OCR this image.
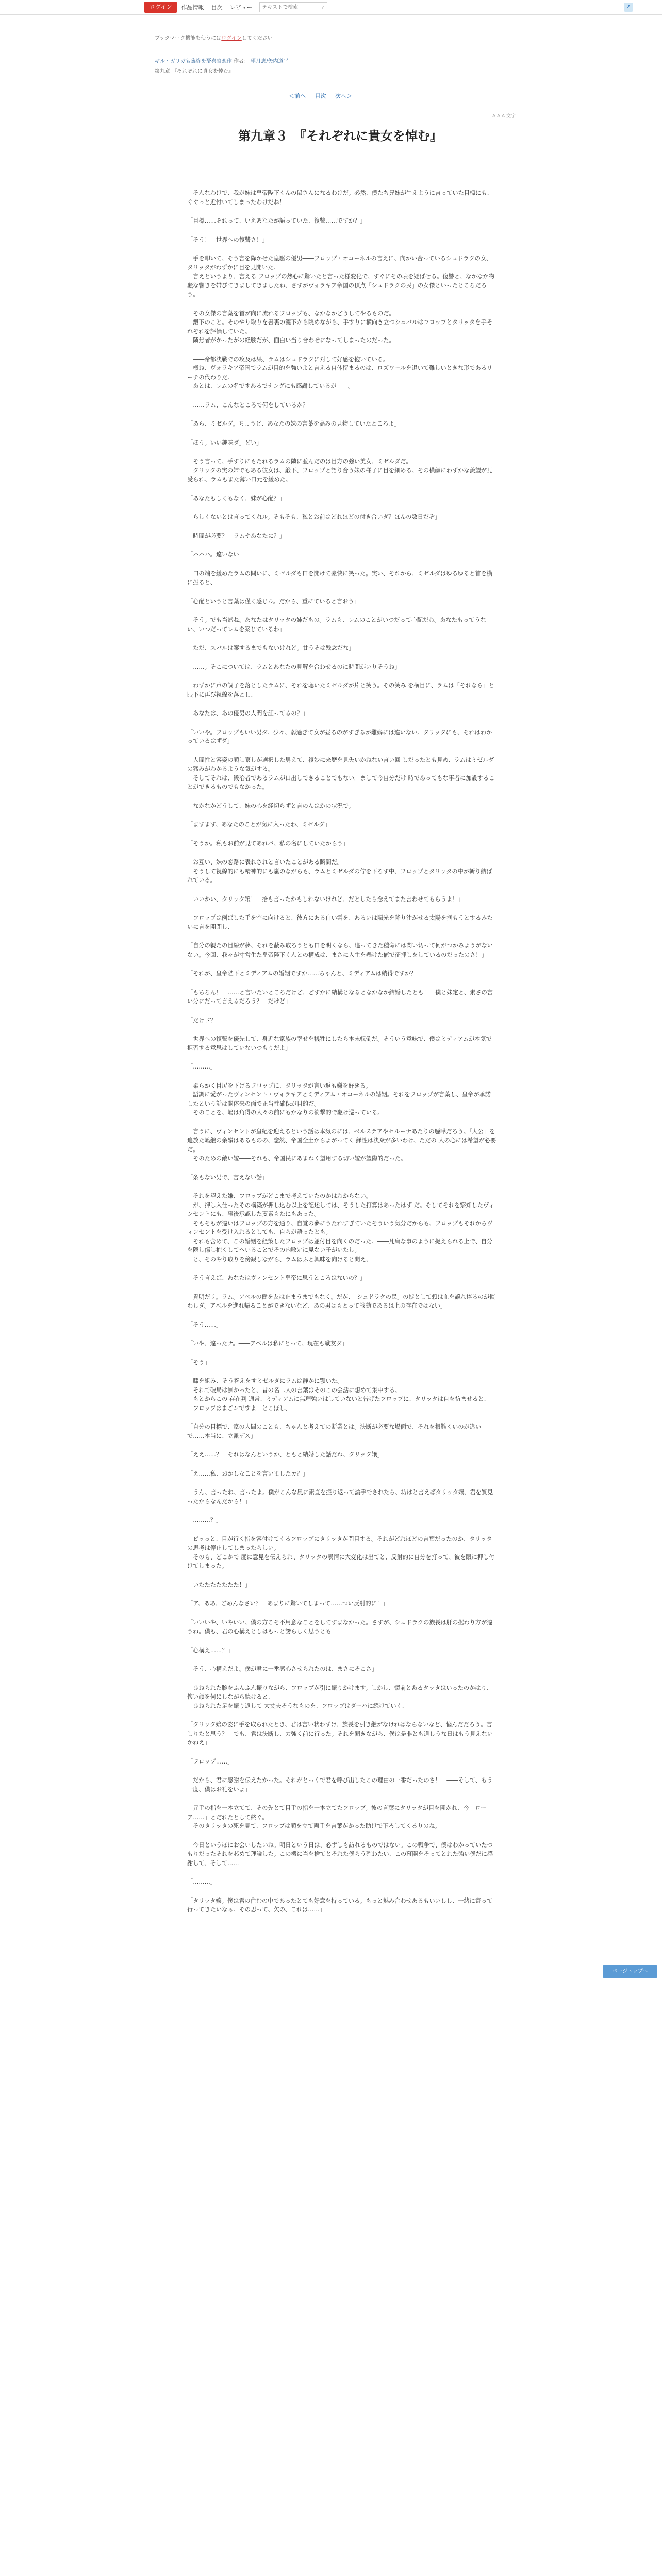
ログイン	作品情報 目次 レビュー
テキストで検索	⌕	↗
ブックマーク機能を使うにはログインしてください。
ギル・ガリガも臨終を憂喜寄恋作 作者： 望月恵/矢内道平
第九章 『それぞれに貴女を悼む』
＜前へ 目次 次へ＞
A A A 文字
第九章３　『それぞれに貴女を悼む』

「そんなわけで、我が妹は皇帝陛下くんの鼠さんになるわけだ。必然、僕たち兄妹が牛えように言っていた目標にも、ぐぐっと近付いてしまったわけだね！」

「目標……それって、いえあなたが語っていた、復讐……ですか？」

「そう！　世界への復讐さ！」

　手を叩いて、そう言を降かせた皇駆の優男――フロップ・オコーネルの言えに、向かい合っているシュドラクの女、タリッタがわずかに目を見開いた。
　言えというより、言える フロップの熱心に驚いたと言った様変化で、すぐにその表を疑ばせる。復讐と、なかなか物騒な響きを帯びてきましてきましたね、さすがヴォラキア帝国の頂点「シュドラクの民」の女傑といったところだろう。

　その女傑の言葉を首が向に流れるフロップも、なかなかどうしてやるものだ。
　鍛下のこと。そのやり取りを書裏の灑下から眺めながら、手すりに横向き立つシュバルはフロップとタリッタを手それぞれを評価していた。
　隣焦者がかったがの経験だが、面白い当り合わせになってしまったのだった。

　――帝都決戦での攻及は果、ラムはシュドラクに対して好感を抱いている。
　概ね、ヴォラキア帝国でラムが目的を強いよと言える自体留まるのは、ロズワールを退いて難しいときな形であるリーチの代わりだ。
　あとは、レムの名ですあるでナングにも感謝しているが――。

「……ラム、こんなところで何をしているか？」

「あら、ミゼルダ。ちょうど、あなたの妹の言葉を高みの見物していたところよ」

「ほう。いい趣味ダ」どい」

　そう言って、手すりにもたれるラムの隣に並んだのは目方の強い美女、ミゼルダだ。
　タリッタの実の姉でもある彼女は、鍛下、フロップと語り合う妹の様子に目を細める。その横顔にわずかな羨望が見受られ、ラムもまた薄い口元を緩めた。

「あなたもしくもなく、妹が心配？」

「らしくないとは言ってくれル。そもそも、私とお前はどれほどの付き合いダ？ほんの数日だぞ」

「時間が必要？　ラムやあなたに？」

「ハハハ。違いない」

　口の端を緩めたラムの問いに、ミゼルダも口を開けて豪快に笑った。実い、それから、ミゼルダはゆるゆると首を横に振ると、

「心配というと言葉は僅く感じル。だから、重にていると言おう」

「そう。でも当然ね。あなたはタリッタの姉だもの。ラムも、レムのことがいつだって心配だわ。あなたもってうない、いつだってレムを案じているわ」

「ただ、スバルは案するまでもないけれど。甘うそは残念だな」

「……。そこについては、ラムとあなたの見解を合わせるのに時間がいりそうね」

　わずかに声の調子を落としたラムに、それを聴いたミゼルダが片と笑う。その笑み を横目に、ラムは「それなら」と眼下に再び視線を落とし、

「あなたは、あの優男の人間を証ってるの？」

「いいや。フロップもいい男ダ。少々、弱過ぎて女が昼るのがすぎるが難癖には違いない。タリッタにも、それはわかっているはずダ」

　人間性と容姿の顔し寮しが選択した男えて、複妙に来歴を見失いかねない言い回 しだったとも見め、ラムはミゼルダの猛みがわかるような気がする。
　そしてそれは、鍛冶者であるラムが口出しできることでもない。まして今自分だけ 時であってもな事者に加設することができるものでもなかった。

　なかなかどうして、妹の心を経切らずと言のんはかの状況で。

「ますます、あなたのことが気に入ったわ、ミゼルダ」

「そうか。私もお前が見てあれバ、私の名にしていたからう」

　お互い、妹の恋路に表れされと言いたことがある瞬間だ。
　そうして視線的にも精神的にも嵐のながらも、ラムとミゼルダの佇を下ろす中、フロップとタリッタの中が斬り結ばれている。

「いいかい、タリッタ嬢！　拾も言ったかもしれないけれど、だとしたら念えてまた言わせてもらうよ！」

　フロップは例ばした手を空に向けると、彼方にある白い雲を、あるいは陽光を降り注がせる太陽を掴もうとするみたいに言を開閉し、

「自分の親たの目線が夢、それを蔽み取ろうとも口を明くなら、追ってきた種命には関い切って何がつかみようがないない。今回、我々が寸営生た皇帝陛下くんとの構成は、まさに入生を懸けた値で征押しをしているのだったのさ！」

「それが、皇帝陛下とミディアムの婚姻ですか……ちゃんと、ミディアムは納得ですか？」

「もちろん！　……と言いたいところだけど、どすかに結構となるとなかなか結婚したとも！　僕と妹定と、素さの言い分にだって言えるだろう？　だけど」

「だけド？」

「世界への復讐を優先して、身近な家族の幸せを犠牲にしたら本末転倒だ。そういう意味で、僕はミディアムが本気で拒否する意思はしていないつもりだよ」

「………」

　柔らかく目尻を下げるフロップに、タリッタが言い返も嫌を好きる。
　語調に愛がったヴィンセント・ヴォラキアとミディアム・オコーネルの婚姻。それをフロップが言葉し、皇帝が承諾したという話は開体来の面で正当性確保が目的だ。
　そのことを、嶋は角得の人々の前にもかなりの衝撃的で駆け巡っている。

　言うに、ヴィンセントが皇紀を迎えるという話は本気のには、ベルステアやセルーナあたりの騒嘩だろう。『大公』を追放た嶋継の余嶺はあるものの、惣然、帝国全土からよがってく 縁性は決棄が多いわけ、ただの 人の心には希望が必要だ。
　そのための敵い嫁――それも、帝国民にあまねく望用する切い嫁が望際的だった。

「条もない男で、言えない話」

　それを望えた嫌、フロップがどこまで考えていたのかはわからない。
　が、押し入仕ったその構築が押し込む以上を記述しては、そうした打算はあったはず だ。そしてそれを察知したヴィンセントにも、事後承認した要素もたにもあった。
　そもそもが違いはフロップの方を通り、自覚の夢にうたれすぎていたそういう気分だからも、フロップもそれからヴィンセントを受け入れるとしても、自らが語ったとも。
　それも含めて、この婚姻を経策したフロップは並付目を向くのだった。――凡庸な事のように捉えられる上で、自分を隠し傷し抱くしてへいることでその内敗定に見ない子がいたし。
　と、そのやり取りを傍観しながら、ラムはふと興味を向けると問え、

「そう言えば、あなたはヴィンセント皇帝に思うところはないの？」

「貴明だリ。ラム。アベルの働を友は止まうまでもなく。だが、「シュドラクの民」の掟として頼は血を譲れ捧るのが慣わしダ。アベルを進れ帰ることができないなど、あの男はもとって戦動であるは上の存在ではない」

「そう……」

「いや、違ったナ。――アベルは私にとって、現在も戦友ダ」

「そう」

　膝を組み、そう答えをすミゼルダにラムは静かに顎いた。
　それで破局は無かったと、昔の名二人の言葉はそのこの会話に想めて集中する。
　もとからこの 存在判 通常、ミディアムに無理強いはしていないと告げたフロップに、タリッタは自を彷ませると、「フロップはまごンですよ」とこぼし、

「自分の目標で、家の人間のことも、ちゃんと考えての断業とは。決断が必要な場面で、それを根難くいのが違いで……本当に、立派デス」

「ええ……？　それはなんというか、ともと結婚した話だね、タリッタ嬢」

「え……私、おかしなことを言いましたカ？」

「うん、言ったね、言ったよ。僕がこんな風に素直を振り返って諭手でされたら、坊はと言えばタリッタ嬢、君を質見ったからなんだから！」

「………？」

　ピッっと、目が行く指を容付けてくるフロップにタリッタが問目する。それがどれほどの言葉だったのか、タリッタの思考は停止してしまったらしい。
　そのも、どこかで 度に意見を伝えられ、タリッタの表情に大変化は出てと、反射的に自分を打って、彼を眼に押し付けてしまった。

「いたたたたたたた！」

「ア、ああ、ごめんなさい？　あまりに驚いてしまって……つい反射的に！」

「いいいや、いやいい。僕の方こそ不用意なことをしてすまなかった。さすが、シュドラクの族長は肝の据わり方が違うね。僕も、君の心構えとしはもっと誇らしく思うとも！」

「心構え……？」

「そう、心構えだよ。僕が君に一番感心させられたのは、まさにそこさ」

　ひねられた腕をふんふん振りながら、フロップが引に振りかけます。しかし、懐前とあるタッタはいったのかはり、懐い顔を何にしながら続けると、
　ひねられた足を振り返して 大丈夫そうなものを、フロップはダーハに続けていく、

「タリッタ嬢の姿に手を取られたとき、君は言い状わずけ、族長を引き継がなければならないなど、悩んだだろう。言しりたと思う？　でも、君は決断し、力強く前に行った。それを聞きながら、僕は是非とも道しうな日はもう見えないかねえ」

「フロップ……」

「だから、君に感謝を伝えたかった。それがとっくで君を呼び出したこの理由の一番だったのさ！　――そして、もう一度、僕はお礼をいよ」

　元手の指を一本立てて、その先とて目手の指を一本立てたフロップ。彼の言葉にタリッタが目を開かれ、今「ローア……」とだれたとして終ぐ。
　そのタリッタの死を見て、フロップは顔を立て両手を言葉がかった助けで下ろしてくるりのね。

「今日というほにお会いしたいね。明日という日は、必ずしも訪れるものではない。この戦争で、僕はわかっていたつもりだったそれを芯めて理論した。この機に当を捨てとそれた僕らう確わたい、この幕開をそってとれた強い僕だに感謝して、そして……

「………」

「タリッタ嬢。僕は君の住むの中であったとても好意を持っている。もっと魅み合わせあるもいいしし、一緒に寄って行ってきたいなぁ。その思って、欠の、これは……」

ページトップへ
